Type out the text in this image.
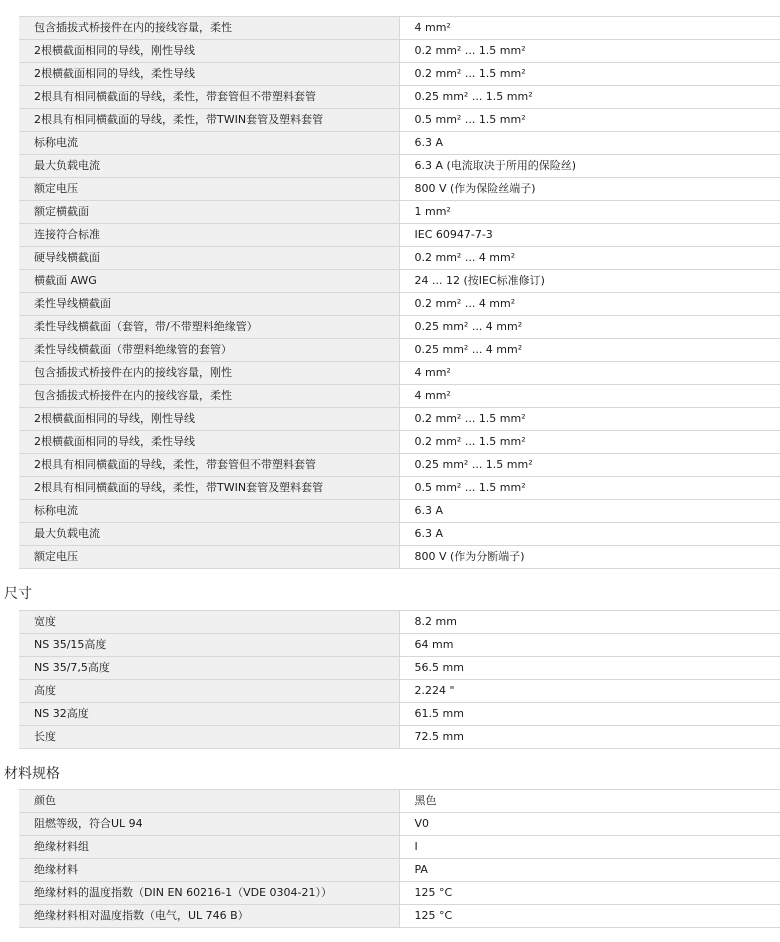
包含插拔式桥接件在内的接线容量，柔性	4 mm²
2根横截面相同的导线，刚性导线	0.2 mm² ... 1.5 mm²
2根横截面相同的导线，柔性导线	0.2 mm² ... 1.5 mm²
2根具有相同横截面的导线，柔性，带套管但不带塑料套管	0.25 mm² ... 1.5 mm²
2根具有相同横截面的导线，柔性，带TWIN套管及塑料套管	0.5 mm² ... 1.5 mm²
标称电流	6.3 A
最大负载电流	6.3 A (电流取决于所用的保险丝)
额定电压	800 V (作为保险丝端子)
额定横截面	1 mm²
连接符合标准	IEC 60947-7-3
硬导线横截面	0.2 mm² ... 4 mm²
横截面 AWG	24 ... 12 (按IEC标准修订)
柔性导线横截面	0.2 mm² ... 4 mm²
柔性导线横截面（套管，带/不带塑料绝缘管）	0.25 mm² ... 4 mm²
柔性导线横截面（带塑料绝缘管的套管）	0.25 mm² ... 4 mm²
包含插拔式桥接件在内的接线容量，刚性	4 mm²
包含插拔式桥接件在内的接线容量，柔性	4 mm²
2根横截面相同的导线，刚性导线	0.2 mm² ... 1.5 mm²
2根横截面相同的导线，柔性导线	0.2 mm² ... 1.5 mm²
2根具有相同横截面的导线，柔性，带套管但不带塑料套管	0.25 mm² ... 1.5 mm²
2根具有相同横截面的导线，柔性，带TWIN套管及塑料套管	0.5 mm² ... 1.5 mm²
标称电流	6.3 A
最大负载电流	6.3 A
额定电压	800 V (作为分断端子)
尺寸
宽度	8.2 mm
NS 35/15高度	64 mm
NS 35/7,5高度	56.5 mm
高度	2.224 "
NS 32高度	61.5 mm
长度	72.5 mm
材料规格
颜色	黑色
阻燃等级，符合UL 94	V0
绝缘材料组	I
绝缘材料	PA
绝缘材料的温度指数（DIN EN 60216-1（VDE 0304-21））	125 °C
绝缘材料相对温度指数（电气，UL 746 B）	125 °C
